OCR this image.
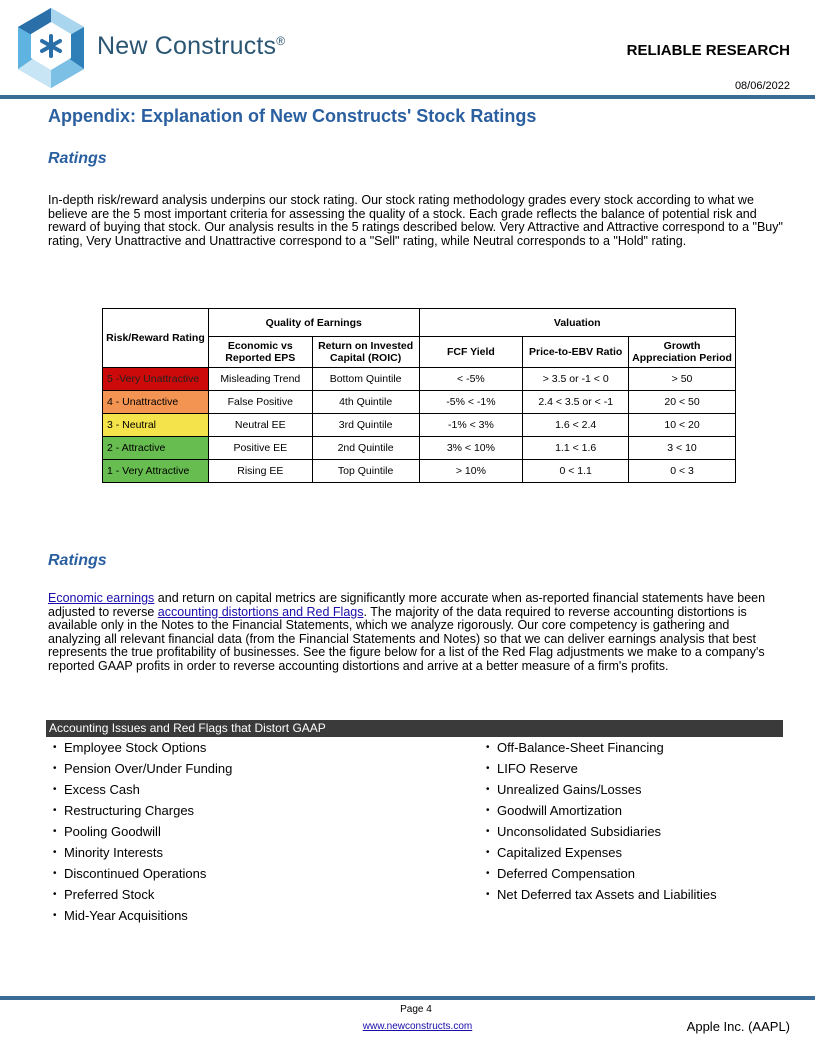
New Constructs®
RELIABLE RESEARCH
08/06/2022
Appendix: Explanation of New Constructs' Stock Ratings
Ratings
In-depth risk/reward analysis underpins our stock rating. Our stock rating methodology grades every stock according to what we believe are the 5 most important criteria for assessing the quality of a stock. Each grade reflects the balance of potential risk and reward of buying that stock. Our analysis results in the 5 ratings described below. Very Attractive and Attractive correspond to a "Buy" rating, Very Unattractive and Unattractive correspond to a "Sell" rating, while Neutral corresponds to a "Hold" rating.
Risk/Reward Rating	Quality of Earnings		Valuation		
	Economic vs Reported EPS	Return on Invested Capital (ROIC)	FCF Yield	Price-to-EBV Ratio	Growth Appreciation Period
5 -Very Unattractive	Misleading Trend	Bottom Quintile	< -5%	> 3.5 or -1 < 0	> 50
4 - Unattractive	False Positive	4th Quintile	-5% < -1%	2.4 < 3.5 or < -1	20 < 50
3 - Neutral	Neutral EE	3rd Quintile	-1% < 3%	1.6 < 2.4	10 < 20
2 - Attractive	Positive EE	2nd Quintile	3% < 10%	1.1 < 1.6	3 < 10
1 - Very Attractive	Rising EE	Top Quintile	> 10%	0 < 1.1	0 < 3
Ratings
Economic earnings and return on capital metrics are significantly more accurate when as-reported financial statements have been adjusted to reverse accounting distortions and Red Flags. The majority of the data required to reverse accounting distortions is available only in the Notes to the Financial Statements, which we analyze rigorously. Our core competency is gathering and analyzing all relevant financial data (from the Financial Statements and Notes) so that we can deliver earnings analysis that best represents the true profitability of businesses. See the figure below for a list of the Red Flag adjustments we make to a company's reported GAAP profits in order to reverse accounting distortions and arrive at a better measure of a firm's profits.
Accounting Issues and Red Flags that Distort GAAP
• Employee Stock Options
• Pension Over/Under Funding
• Excess Cash
• Restructuring Charges
• Pooling Goodwill
• Minority Interests
• Discontinued Operations
• Preferred Stock
• Mid-Year Acquisitions
• Off-Balance-Sheet Financing
• LIFO Reserve
• Unrealized Gains/Losses
• Goodwill Amortization
• Unconsolidated Subsidiaries
• Capitalized Expenses
• Deferred Compensation
• Net Deferred tax Assets and Liabilities
Page 4
www.newconstructs.com	Apple Inc. (AAPL)
